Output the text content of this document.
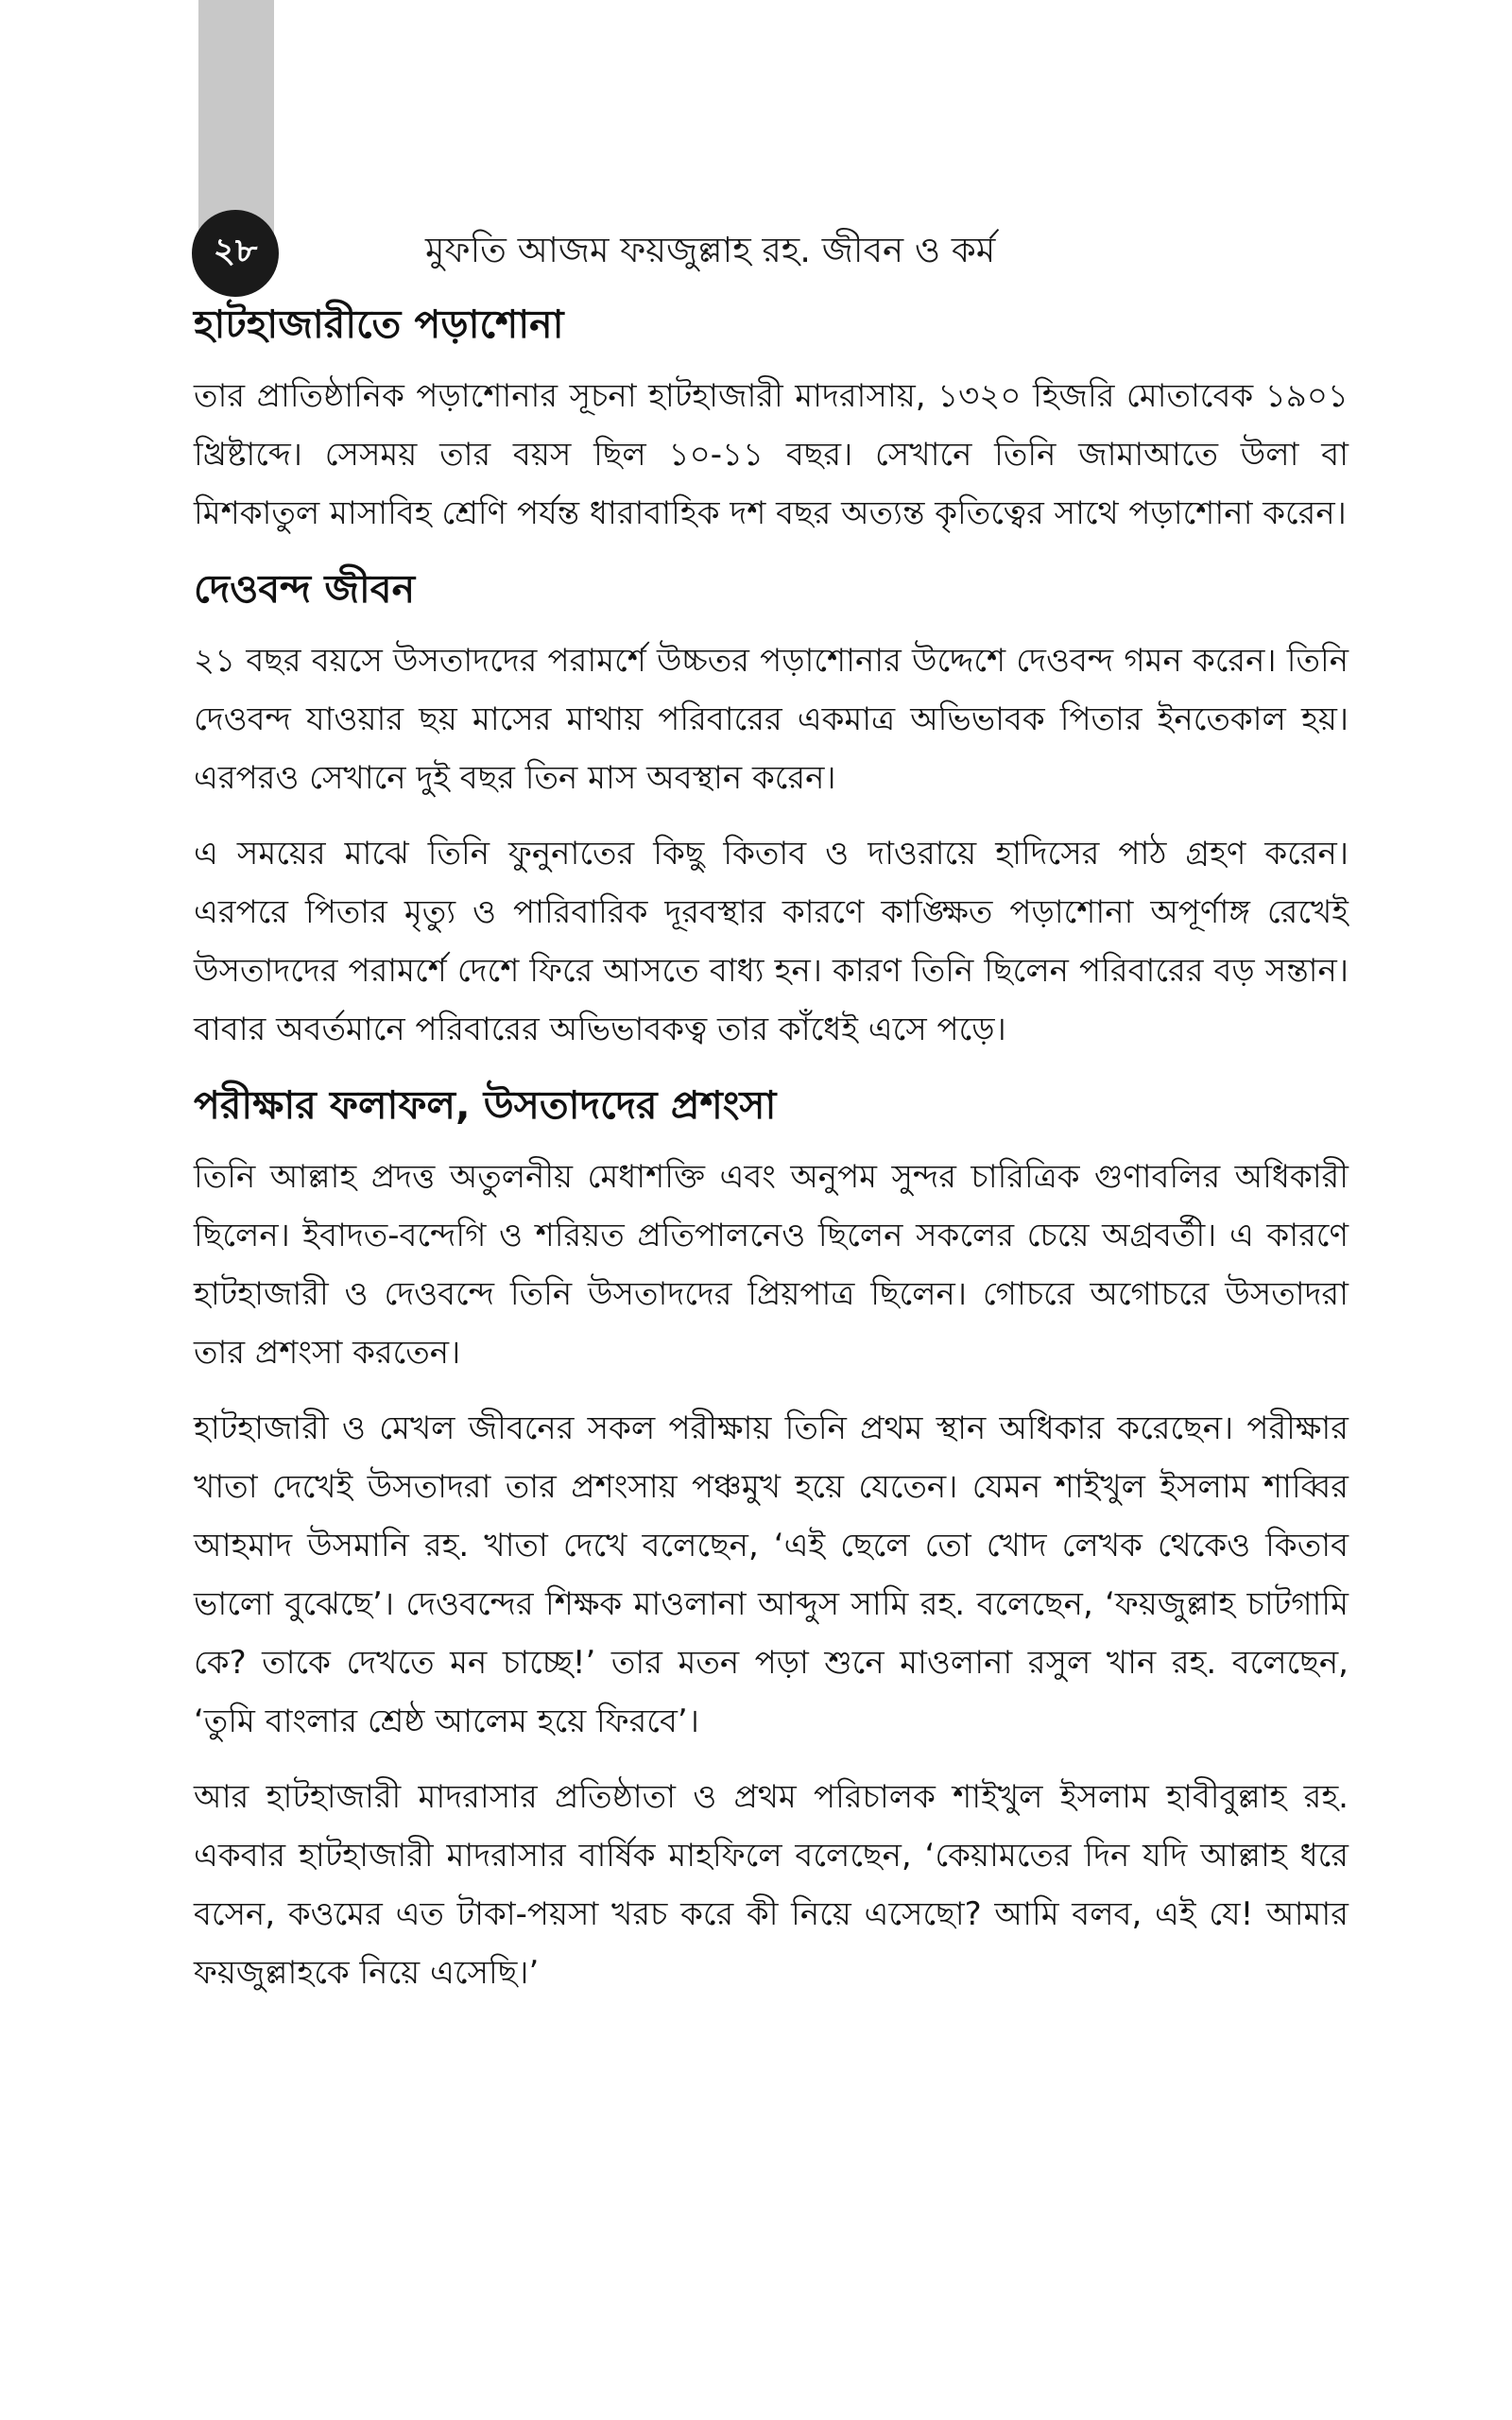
২৮	মুফতি আজম ফয়জুল্লাহ রহ. জীবন ও কর্ম
হাটহাজারীতে পড়াশোনা

তার প্রাতিষ্ঠানিক পড়াশোনার সূচনা হাটহাজারী মাদরাসায়, ১৩২০ হিজরি মোতাবেক ১৯০১ খ্রিষ্টাব্দে। সেসময় তার বয়স ছিল ১০-১১ বছর। সেখানে তিনি জামাআতে উলা বা মিশকাতুল মাসাবিহ শ্রেণি পর্যন্ত ধারাবাহিক দশ বছর অত্যন্ত কৃতিত্বের সাথে পড়াশোনা করেন।

দেওবন্দ জীবন

২১ বছর বয়সে উসতাদদের পরামর্শে উচ্চতর পড়াশোনার উদ্দেশে দেওবন্দ গমন করেন। তিনি দেওবন্দ যাওয়ার ছয় মাসের মাথায় পরিবারের একমাত্র অভিভাবক পিতার ইনতেকাল হয়। এরপরও সেখানে দুই বছর তিন মাস অবস্থান করেন।

এ সময়ের মাঝে তিনি ফুনুনাতের কিছু কিতাব ও দাওরায়ে হাদিসের পাঠ গ্রহণ করেন। এরপরে পিতার মৃত্যু ও পারিবারিক দূরবস্থার কারণে কাঙ্ক্ষিত পড়াশোনা অপূর্ণাঙ্গ রেখেই উসতাদদের পরামর্শে দেশে ফিরে আসতে বাধ্য হন। কারণ তিনি ছিলেন পরিবারের বড় সন্তান। বাবার অবর্তমানে পরিবারের অভিভাবকত্ব তার কাঁধেই এসে পড়ে।

পরীক্ষার ফলাফল, উসতাদদের প্রশংসা

তিনি আল্লাহ প্রদত্ত অতুলনীয় মেধাশক্তি এবং অনুপম সুন্দর চারিত্রিক গুণাবলির অধিকারী ছিলেন। ইবাদত-বন্দেগি ও শরিয়ত প্রতিপালনেও ছিলেন সকলের চেয়ে অগ্রবর্তী। এ কারণে হাটহাজারী ও দেওবন্দে তিনি উসতাদদের প্রিয়পাত্র ছিলেন। গোচরে অগোচরে উসতাদরা তার প্রশংসা করতেন।

হাটহাজারী ও মেখল জীবনের সকল পরীক্ষায় তিনি প্রথম স্থান অধিকার করেছেন। পরীক্ষার খাতা দেখেই উসতাদরা তার প্রশংসায় পঞ্চমুখ হয়ে যেতেন। যেমন শাইখুল ইসলাম শাব্বির আহমাদ উসমানি রহ. খাতা দেখে বলেছেন, ‘এই ছেলে তো খোদ লেখক থেকেও কিতাব ভালো বুঝেছে’। দেওবন্দের শিক্ষক মাওলানা আব্দুস সামি রহ. বলেছেন, ‘ফয়জুল্লাহ চাটগামি কে? তাকে দেখতে মন চাচ্ছে!’ তার মতন পড়া শুনে মাওলানা রসুল খান রহ. বলেছেন, ‘তুমি বাংলার শ্রেষ্ঠ আলেম হয়ে ফিরবে’।

আর হাটহাজারী মাদরাসার প্রতিষ্ঠাতা ও প্রথম পরিচালক শাইখুল ইসলাম হাবীবুল্লাহ রহ. একবার হাটহাজারী মাদরাসার বার্ষিক মাহফিলে বলেছেন, ‘কেয়ামতের দিন যদি আল্লাহ ধরে বসেন, কওমের এত টাকা-পয়সা খরচ করে কী নিয়ে এসেছো? আমি বলব, এই যে! আমার ফয়জুল্লাহকে নিয়ে এসেছি।’
